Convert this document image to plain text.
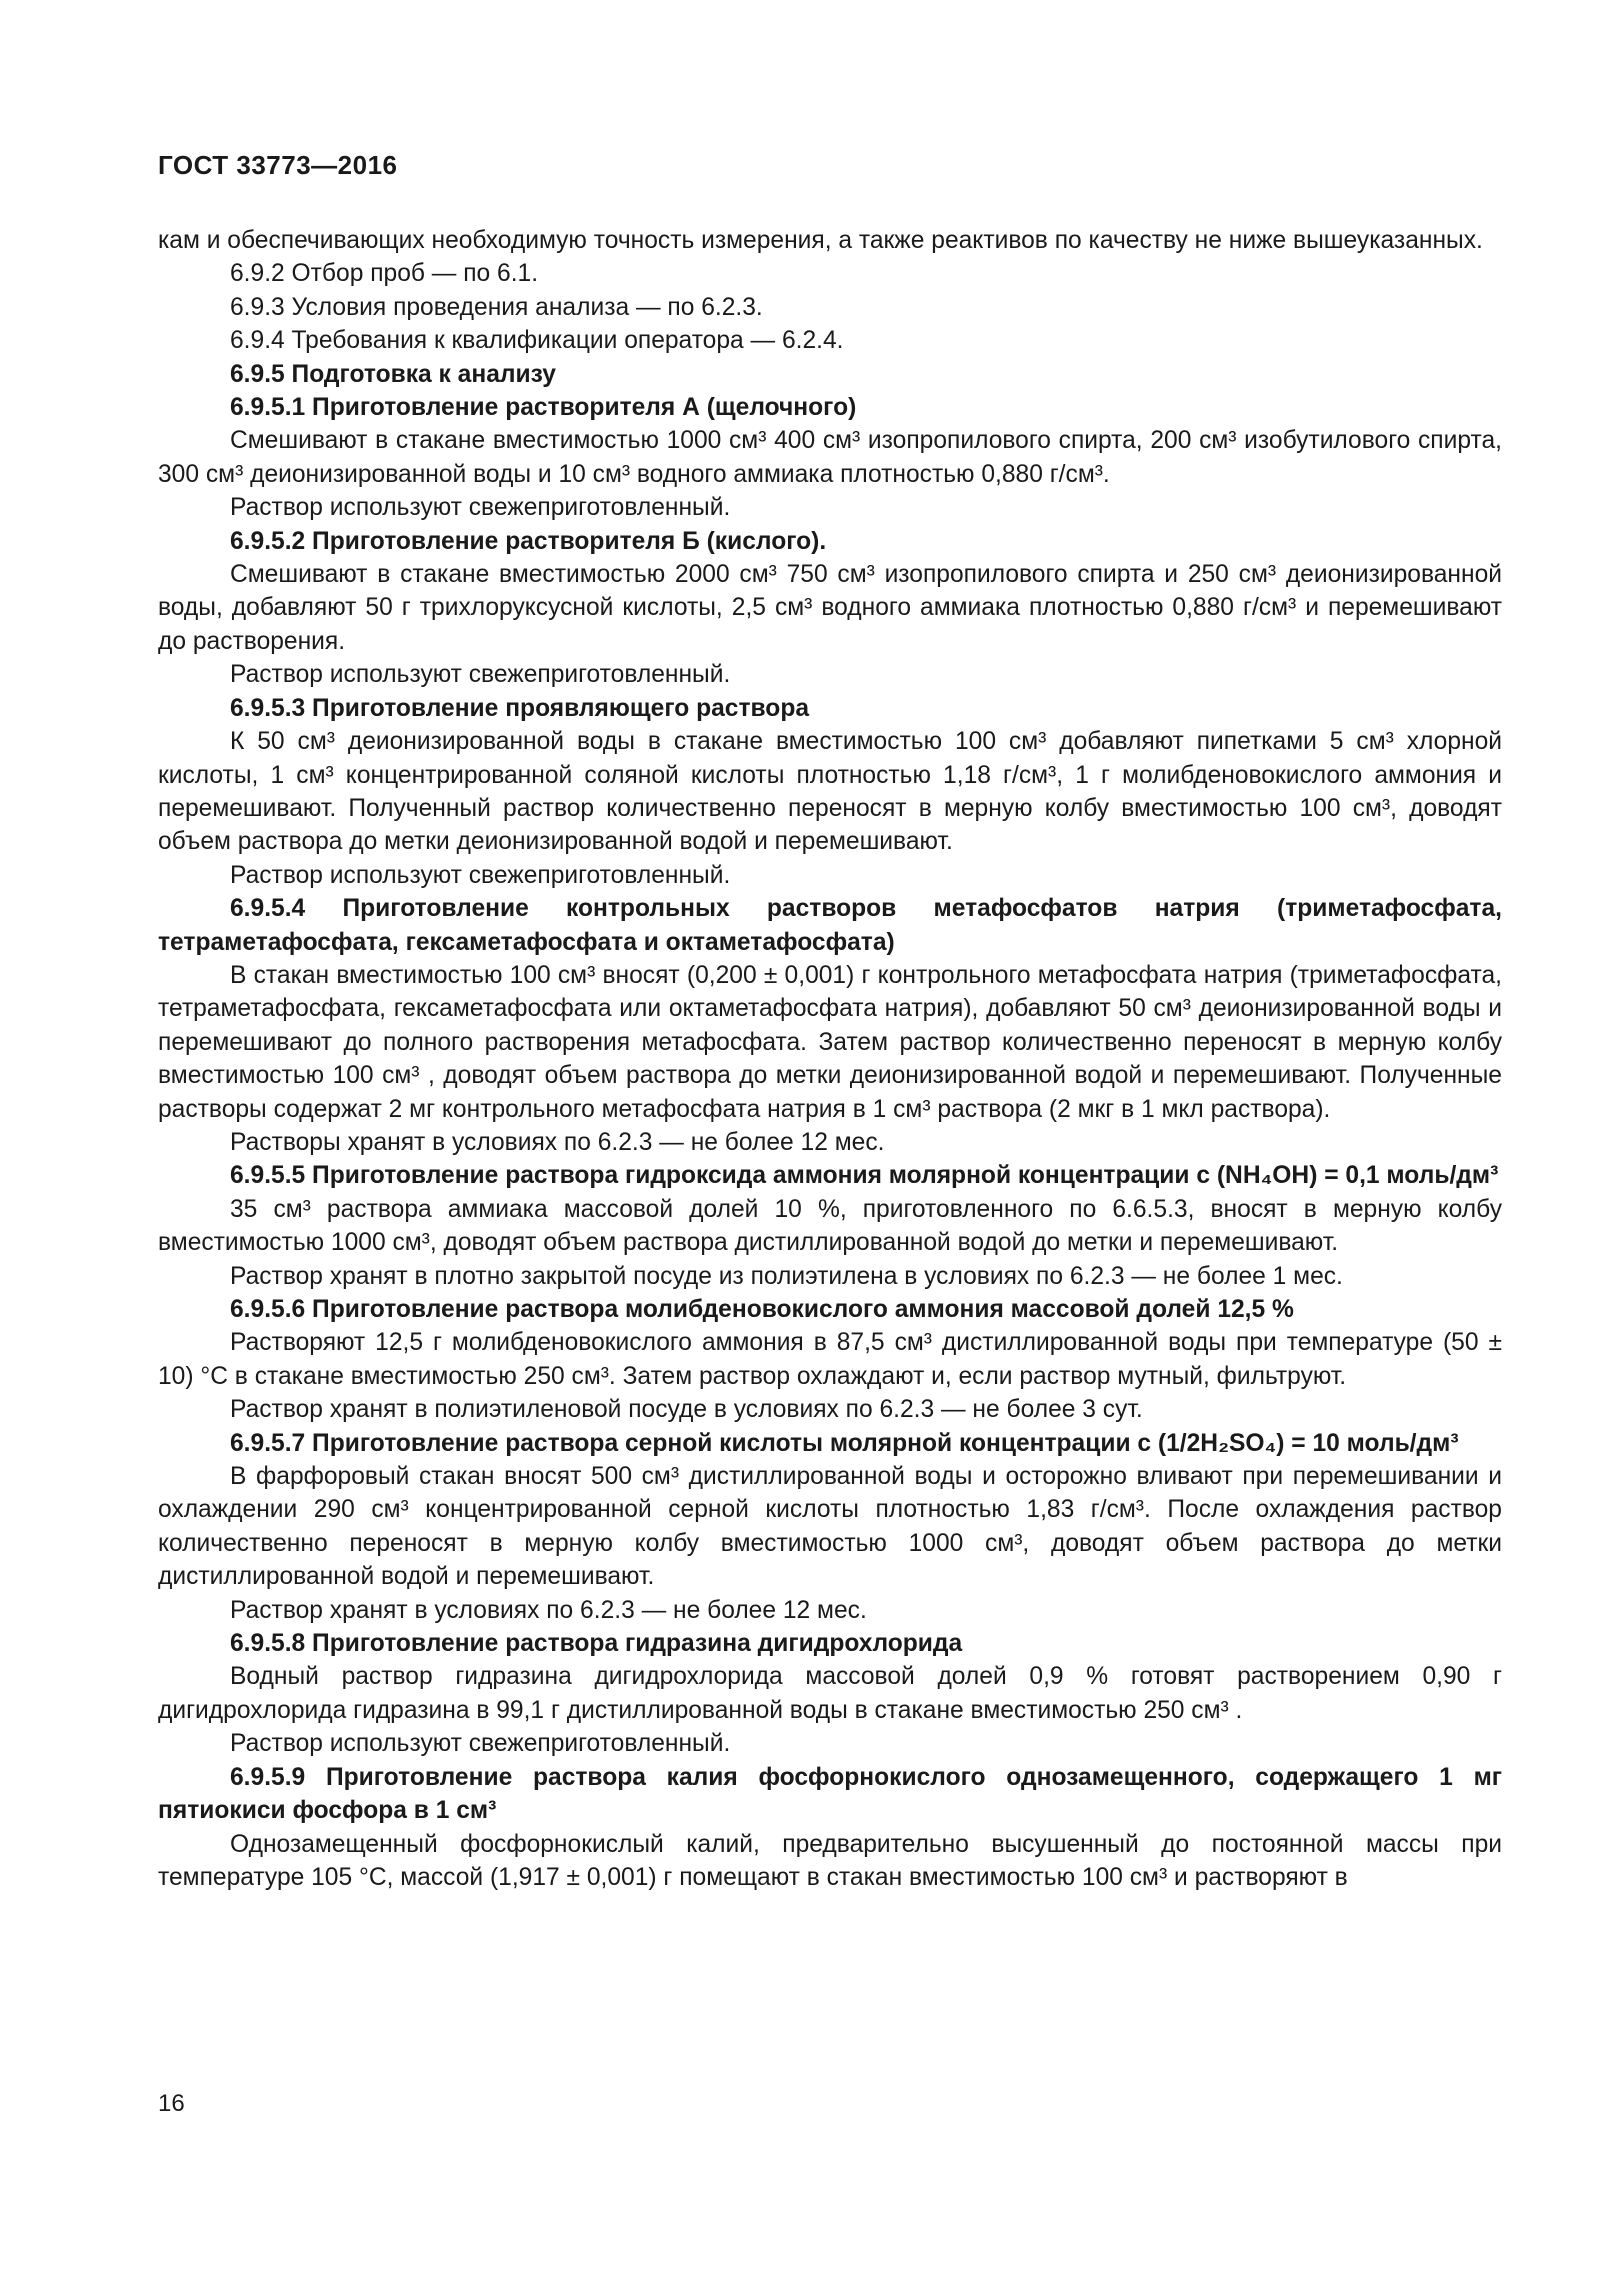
ГОСТ 33773—2016

кам и обеспечивающих необходимую точность измерения, а также реактивов по качеству не ниже вышеуказанных.

6.9.2 Отбор проб — по 6.1.

6.9.3 Условия проведения анализа — по 6.2.3.

6.9.4 Требования к квалификации оператора — 6.2.4.

6.9.5 Подготовка к анализу

6.9.5.1 Приготовление растворителя А (щелочного)

Смешивают в стакане вместимостью 1000 см³ 400 см³ изопропилового спирта, 200 см³ изобутилового спирта, 300 см³ деионизированной воды и 10 см³ водного аммиака плотностью 0,880 г/см³.

Раствор используют свежеприготовленный.

6.9.5.2 Приготовление растворителя Б (кислого).

Смешивают в стакане вместимостью 2000 см³ 750 см³ изопропилового спирта и 250 см³ деионизированной воды, добавляют 50 г трихлоруксусной кислоты, 2,5 см³ водного аммиака плотностью 0,880 г/см³ и перемешивают до растворения.

Раствор используют свежеприготовленный.

6.9.5.3 Приготовление проявляющего раствора

К 50 см³ деионизированной воды в стакане вместимостью 100 см³ добавляют пипетками 5 см³ хлорной кислоты, 1 см³ концентрированной соляной кислоты плотностью 1,18 г/см³, 1 г молибденовокислого аммония и перемешивают. Полученный раствор количественно переносят в мерную колбу вместимостью 100 см³, доводят объем раствора до метки деионизированной водой и перемешивают.

Раствор используют свежеприготовленный.

6.9.5.4 Приготовление контрольных растворов метафосфатов натрия (триметафосфата, тетраметафосфата, гексаметафосфата и октаметафосфата)

В стакан вместимостью 100 см³ вносят (0,200 ± 0,001) г контрольного метафосфата натрия (триметафосфата, тетраметафосфата, гексаметафосфата или октаметафосфата натрия), добавляют 50 см³ деионизированной воды и перемешивают до полного растворения метафосфата. Затем раствор количественно переносят в мерную колбу вместимостью 100 см³ , доводят объем раствора до метки деионизированной водой и перемешивают. Полученные растворы содержат 2 мг контрольного метафосфата натрия в 1 см³ раствора (2 мкг в 1 мкл раствора).

Растворы хранят в условиях по 6.2.3 — не более 12 мес.

6.9.5.5 Приготовление раствора гидроксида аммония молярной концентрации c (NH₄OH) = 0,1 моль/дм³

35 см³ раствора аммиака массовой долей 10 %, приготовленного по 6.6.5.3, вносят в мерную колбу вместимостью 1000 см³, доводят объем раствора дистиллированной водой до метки и перемешивают.

Раствор хранят в плотно закрытой посуде из полиэтилена в условиях по 6.2.3 — не более 1 мес.

6.9.5.6 Приготовление раствора молибденовокислого аммония массовой долей 12,5 %

Растворяют 12,5 г молибденовокислого аммония в 87,5 см³ дистиллированной воды при температуре (50 ± 10) °С в стакане вместимостью 250 см³. Затем раствор охлаждают и, если раствор мутный, фильтруют.

Раствор хранят в полиэтиленовой посуде в условиях по 6.2.3 — не более 3 сут.

6.9.5.7 Приготовление раствора серной кислоты молярной концентрации c (1/2H₂SO₄) = 10 моль/дм³

В фарфоровый стакан вносят 500 см³ дистиллированной воды и осторожно вливают при перемешивании и охлаждении 290 см³ концентрированной серной кислоты плотностью 1,83 г/см³. После охлаждения раствор количественно переносят в мерную колбу вместимостью 1000 см³, доводят объем раствора до метки дистиллированной водой и перемешивают.

Раствор хранят в условиях по 6.2.3 — не более 12 мес.

6.9.5.8 Приготовление раствора гидразина дигидрохлорида

Водный раствор гидразина дигидрохлорида массовой долей 0,9 % готовят растворением 0,90 г дигидрохлорида гидразина в 99,1 г дистиллированной воды в стакане вместимостью 250 см³ .

Раствор используют свежеприготовленный.

6.9.5.9 Приготовление раствора калия фосфорнокислого однозамещенного, содержащего 1 мг пятиокиси фосфора в 1 см³

Однозамещенный фосфорнокислый калий, предварительно высушенный до постоянной массы при температуре 105 °С, массой (1,917 ± 0,001) г помещают в стакан вместимостью 100 см³ и растворяют в

16
